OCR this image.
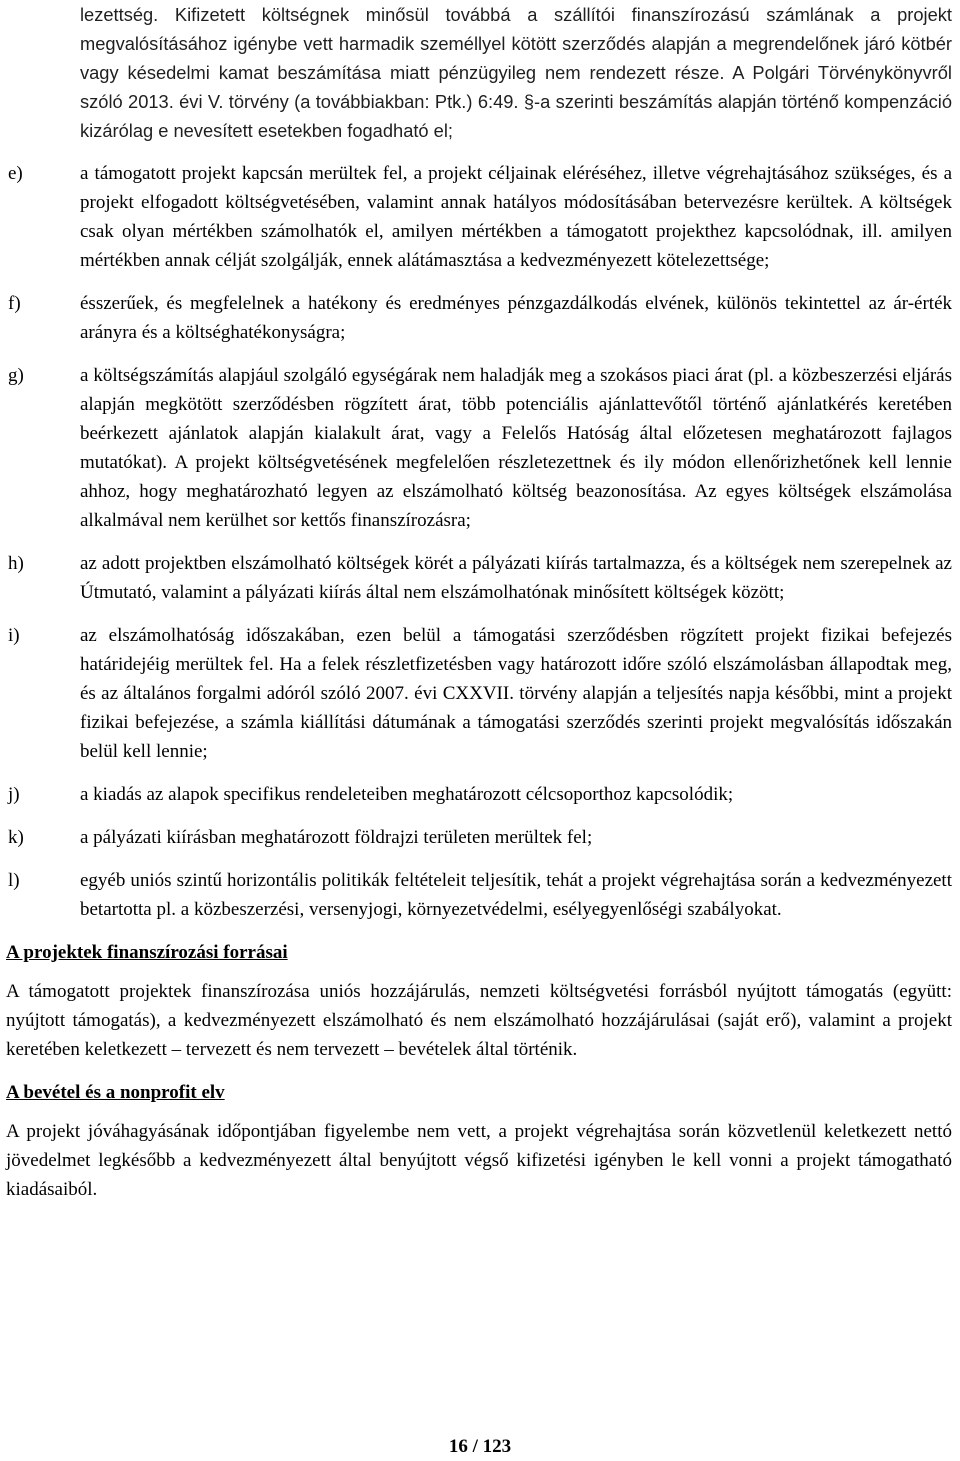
lezettség. Kifizetett költségnek minősül továbbá a szállítói finanszírozású számlának a projekt megvalósításához igénybe vett harmadik személlyel kötött szerződés alapján a megrendelőnek járó kötbér vagy késedelmi kamat beszámítása miatt pénzügyileg nem rendezett része. A Polgári Törvénykönyvről szóló 2013. évi V. törvény (a továbbiakban: Ptk.) 6:49. §-a szerinti beszámítás alapján történő kompenzáció kizárólag e nevesített esetekben fogadható el;

e)	a támogatott projekt kapcsán merültek fel, a projekt céljainak eléréséhez, illetve végrehajtásához szükséges, és a projekt elfogadott költségvetésében, valamint annak hatályos módosításában betervezésre kerültek. A költségek csak olyan mértékben számolhatók el, amilyen mértékben a támogatott projekthez kapcsolódnak, ill. amilyen mértékben annak célját szolgálják, ennek alátámasztása a kedvezményezett kötelezettsége;
f)	ésszerűek, és megfelelnek a hatékony és eredményes pénzgazdálkodás elvének, különös tekintettel az ár-érték arányra és a költséghatékonyságra;
g)	a költségszámítás alapjául szolgáló egységárak nem haladják meg a szokásos piaci árat (pl. a közbeszerzési eljárás alapján megkötött szerződésben rögzített árat, több potenciális ajánlattevőtől történő ajánlatkérés keretében beérkezett ajánlatok alapján kialakult árat, vagy a Felelős Hatóság által előzetesen meghatározott fajlagos mutatókat). A projekt költségvetésének megfelelően részletezettnek és ily módon ellenőrizhetőnek kell lennie ahhoz, hogy meghatározható legyen az elszámolható költség beazonosítása. Az egyes költségek elszámolása alkalmával nem kerülhet sor kettős finanszírozásra;
h)	az adott projektben elszámolható költségek körét a pályázati kiírás tartalmazza, és a költségek nem szerepelnek az Útmutató, valamint a pályázati kiírás által nem elszámolhatónak minősített költségek között;
i)	az elszámolhatóság időszakában, ezen belül a támogatási szerződésben rögzített projekt fizikai befejezés határidejéig merültek fel. Ha a felek részletfizetésben vagy határozott időre szóló elszámolásban állapodtak meg, és az általános forgalmi adóról szóló 2007. évi CXXVII. törvény alapján a teljesítés napja későbbi, mint a projekt fizikai befejezése, a számla kiállítási dátumának a támogatási szerződés szerinti projekt megvalósítás időszakán belül kell lennie;
j)	a kiadás az alapok specifikus rendeleteiben meghatározott célcsoporthoz kapcsolódik;
k)	a pályázati kiírásban meghatározott földrajzi területen merültek fel;
l)	egyéb uniós szintű horizontális politikák feltételeit teljesítik, tehát a projekt végrehajtása során a kedvezményezett betartotta pl. a közbeszerzési, versenyjogi, környezetvédelmi, esélyegyenlőségi szabályokat.
A projektek finanszírozási forrásai

A támogatott projektek finanszírozása uniós hozzájárulás, nemzeti költségvetési forrásból nyújtott támogatás (együtt: nyújtott támogatás), a kedvezményezett elszámolható és nem elszámolható hozzájárulásai (saját erő), valamint a projekt keretében keletkezett – tervezett és nem tervezett – bevételek által történik.

A bevétel és a nonprofit elv

A projekt jóváhagyásának időpontjában figyelembe nem vett, a projekt végrehajtása során közvetlenül keletkezett nettó jövedelmet legkésőbb a kedvezményezett által benyújtott végső kifizetési igényben le kell vonni a projekt támogatható kiadásaiból.

16 / 123
